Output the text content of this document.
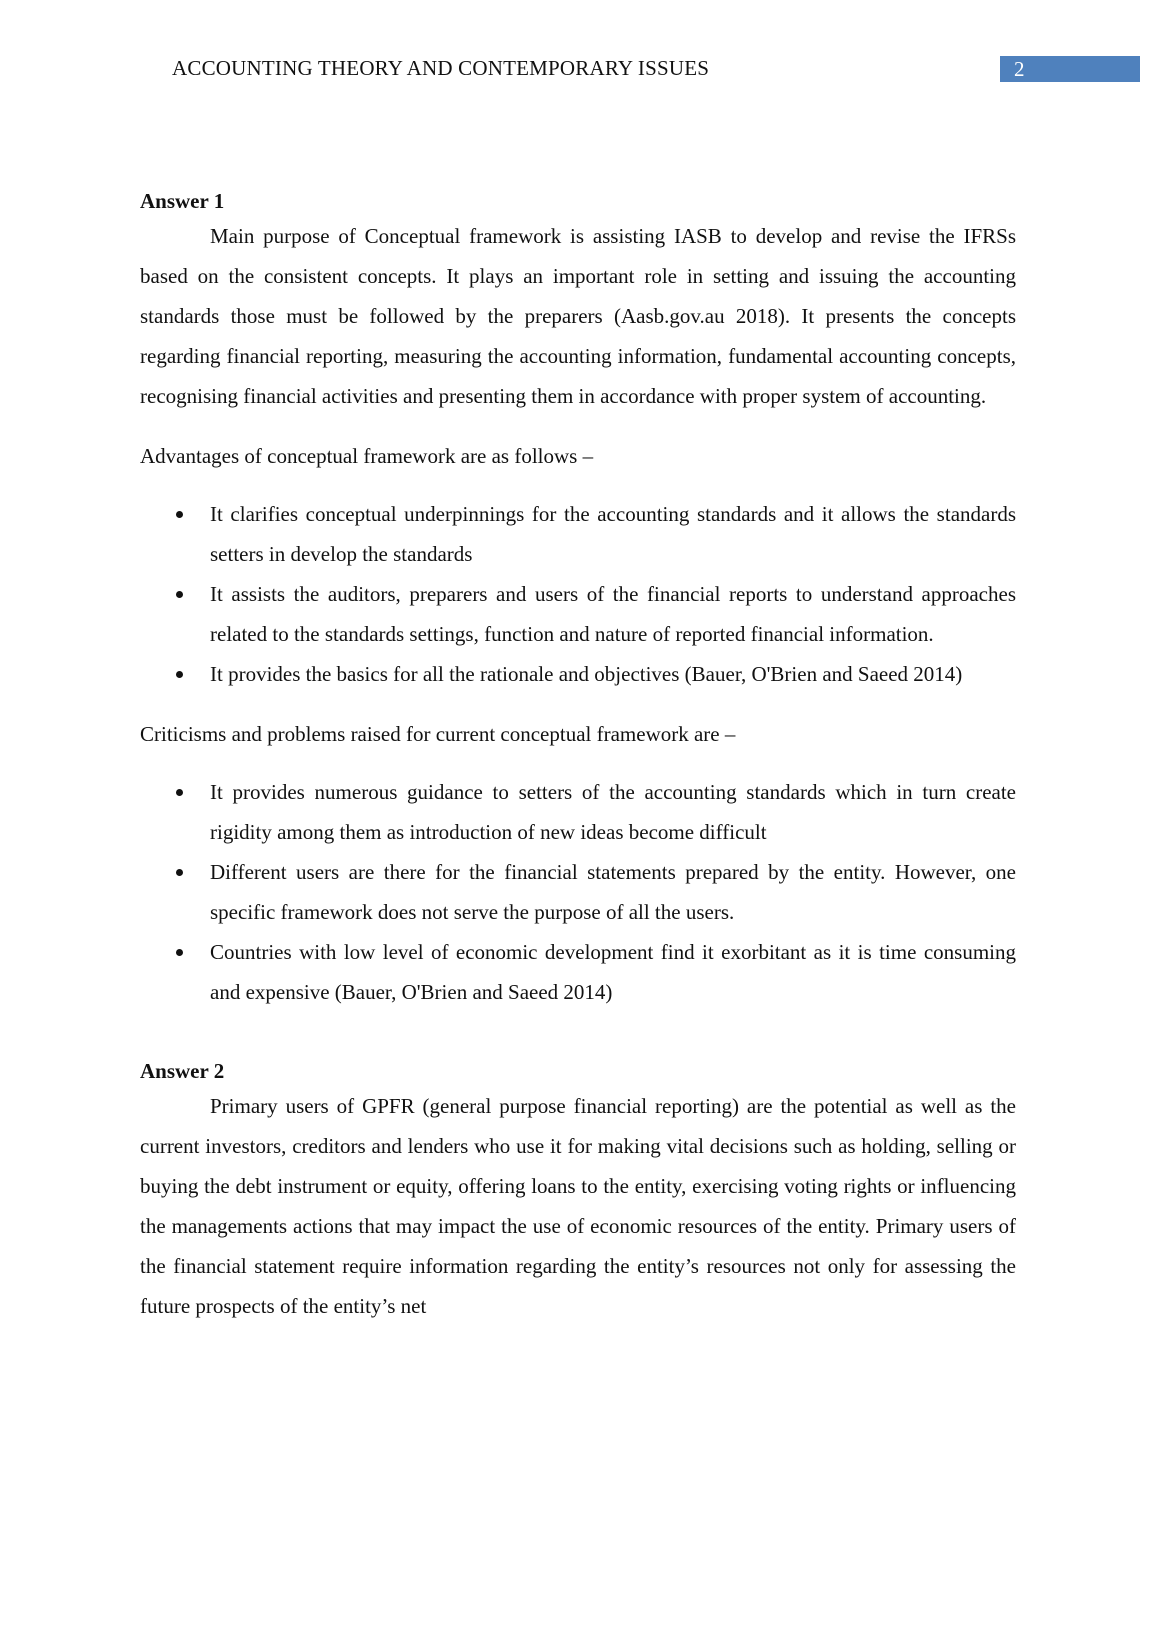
ACCOUNTING THEORY AND CONTEMPORARY ISSUES	2
Answer 1

Main purpose of Conceptual framework is assisting IASB to develop and revise the IFRSs based on the consistent concepts. It plays an important role in setting and issuing the accounting standards those must be followed by the preparers (Aasb.gov.au 2018). It presents the concepts regarding financial reporting, measuring the accounting information, fundamental accounting concepts, recognising financial activities and presenting them in accordance with proper system of accounting.

Advantages of conceptual framework are as follows –

It clarifies conceptual underpinnings for the accounting standards and it allows the standards setters in develop the standards
It assists the auditors, preparers and users of the financial reports to understand approaches related to the standards settings, function and nature of reported financial information.
It provides the basics for all the rationale and objectives (Bauer, O'Brien and Saeed 2014)

Criticisms and problems raised for current conceptual framework are –

It provides numerous guidance to setters of the accounting standards which in turn create rigidity among them as introduction of new ideas become difficult
Different users are there for the financial statements prepared by the entity. However, one specific framework does not serve the purpose of all the users.
Countries with low level of economic development find it exorbitant as it is time consuming and expensive (Bauer, O'Brien and Saeed 2014)
Answer 2

Primary users of GPFR (general purpose financial reporting) are the potential as well as the current investors, creditors and lenders who use it for making vital decisions such as holding, selling or buying the debt instrument or equity, offering loans to the entity, exercising voting rights or influencing the managements actions that may impact the use of economic resources of the entity. Primary users of the financial statement require information regarding the entity’s resources not only for assessing the future prospects of the entity’s net
